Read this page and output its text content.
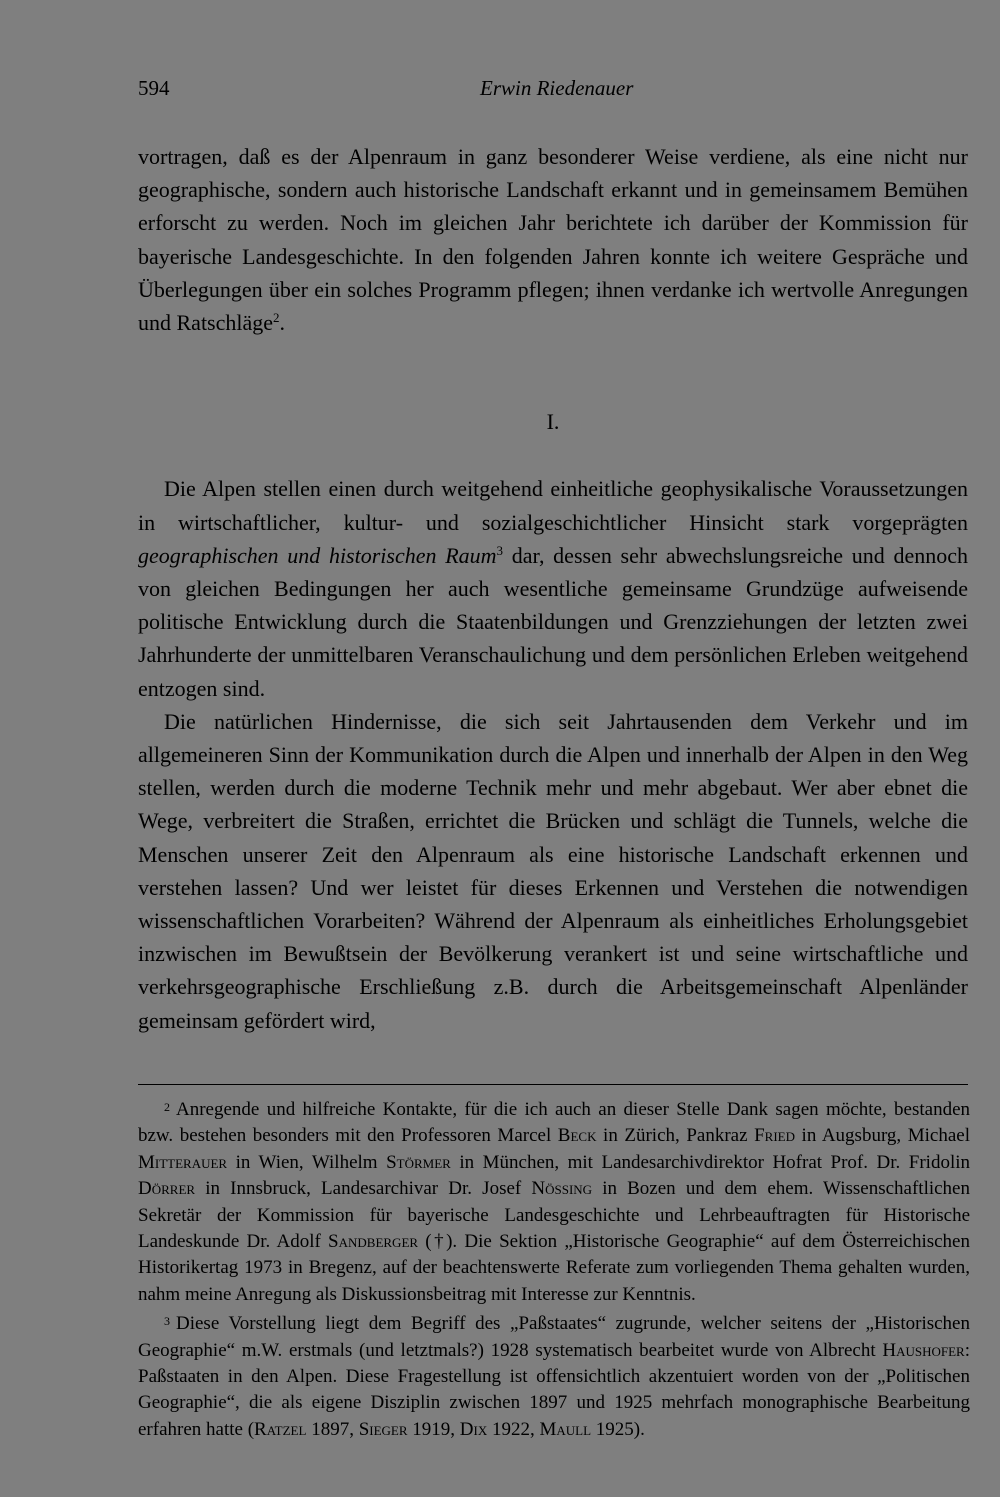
594	Erwin Riedenauer

vortragen, daß es der Alpenraum in ganz besonderer Weise verdiene, als eine nicht nur geographische, sondern auch historische Landschaft erkannt und in gemeinsamem Bemühen erforscht zu werden. Noch im gleichen Jahr berichtete ich darüber der Kommission für bayerische Landesgeschichte. In den folgenden Jahren konnte ich weitere Gespräche und Überlegungen über ein solches Programm pflegen; ihnen verdanke ich wertvolle Anregungen und Ratschläge$^2$.

I.

Die Alpen stellen einen durch weitgehend einheitliche geophysikalische Voraussetzungen in wirtschaftlicher, kultur- und sozialgeschichtlicher Hinsicht stark vorgeprägten geographischen und historischen Raum$^3$ dar, dessen sehr abwechslungsreiche und dennoch von gleichen Bedingungen her auch wesentliche gemeinsame Grundzüge aufweisende politische Entwicklung durch die Staatenbildungen und Grenzziehungen der letzten zwei Jahrhunderte der unmittelbaren Veranschaulichung und dem persönlichen Erleben weitgehend entzogen sind.

Die natürlichen Hindernisse, die sich seit Jahrtausenden dem Verkehr und im allgemeineren Sinn der Kommunikation durch die Alpen und innerhalb der Alpen in den Weg stellen, werden durch die moderne Technik mehr und mehr abgebaut. Wer aber ebnet die Wege, verbreitert die Straßen, errichtet die Brücken und schlägt die Tunnels, welche die Menschen unserer Zeit den Alpenraum als eine historische Landschaft erkennen und verstehen lassen? Und wer leistet für dieses Erkennen und Verstehen die notwendigen wissenschaftlichen Vorarbeiten? Während der Alpenraum als einheitliches Erholungsgebiet inzwischen im Bewußtsein der Bevölkerung verankert ist und seine wirtschaftliche und verkehrsgeographische Erschließung z.B. durch die Arbeitsgemeinschaft Alpenländer gemeinsam gefördert wird,

$^2$ Anregende und hilfreiche Kontakte, für die ich auch an dieser Stelle Dank sagen möchte, bestanden bzw. bestehen besonders mit den Professoren Marcel Beck in Zürich, Pankraz Fried in Augsburg, Michael Mitterauer in Wien, Wilhelm Störmer in München, mit Landesarchivdirektor Hofrat Prof. Dr. Fridolin Dörrer in Innsbruck, Landesarchivar Dr. Josef Nössing in Bozen und dem ehem. Wissenschaftlichen Sekretär der Kommission für bayerische Landesgeschichte und Lehrbeauftragten für Historische Landeskunde Dr. Adolf Sandberger (†). Die Sektion „Historische Geographie“ auf dem Österreichischen Historikertag 1973 in Bregenz, auf der beachtenswerte Referate zum vorliegenden Thema gehalten wurden, nahm meine Anregung als Diskussionsbeitrag mit Interesse zur Kenntnis.

$^3$ Diese Vorstellung liegt dem Begriff des „Paßstaates“ zugrunde, welcher seitens der „Historischen Geographie“ m.W. erstmals (und letztmals?) 1928 systematisch bearbeitet wurde von Albrecht Haushofer: Paßstaaten in den Alpen. Diese Fragestellung ist offensichtlich akzentuiert worden von der „Politischen Geographie“, die als eigene Disziplin zwischen 1897 und 1925 mehrfach monographische Bearbeitung erfahren hatte (Ratzel 1897, Sieger 1919, Dix 1922, Maull 1925).
